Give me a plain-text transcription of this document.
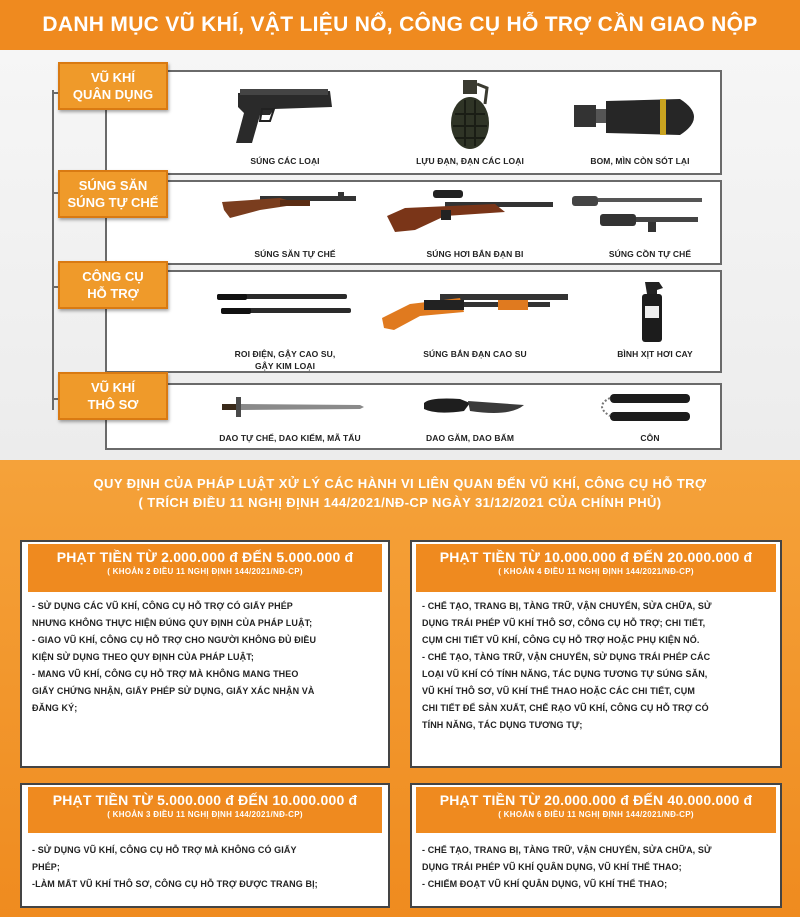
DANH MỤC VŨ KHÍ, VẬT LIỆU NỔ, CÔNG CỤ HỖ TRỢ CẦN GIAO NỘP
VŨ KHÍ
QUÂN DỤNG
SÚNG SĂN
SÚNG TỰ CHẾ
CÔNG CỤ
HỖ TRỢ
VŨ KHÍ
THÔ SƠ
SÚNG CÁC LOẠI	LỰU ĐẠN, ĐẠN CÁC LOẠI	BOM, MÌN CÒN SÓT LẠI
SÚNG SĂN TỰ CHẾ	SÚNG HƠI BẮN ĐẠN BI	SÚNG CỒN TỰ CHẾ
ROI ĐIỆN, GẬY CAO SU,
GẬY KIM LOẠI
SÚNG BẮN ĐẠN CAO SU	BÌNH XỊT HƠI CAY
DAO TỰ CHẾ, DAO KIẾM, MÃ TẤU	DAO GĂM, DAO BẤM	CÔN
QUY ĐỊNH CỦA PHÁP LUẬT XỬ LÝ CÁC HÀNH VI LIÊN QUAN ĐẾN VŨ KHÍ, CÔNG CỤ HỖ TRỢ
( TRÍCH ĐIỀU 11 NGHỊ ĐỊNH 144/2021/NĐ-CP NGÀY 31/12/2021 CỦA CHÍNH PHỦ)
PHẠT TIỀN TỪ 2.000.000 đ ĐẾN 5.000.000 đ
( KHOẢN 2 ĐIỀU 11 NGHỊ ĐỊNH 144/2021/NĐ-CP)

- SỬ DỤNG CÁC VŨ KHÍ, CÔNG CỤ HỖ TRỢ CÓ GIẤY PHÉP

NHƯNG KHÔNG THỰC HIỆN ĐÚNG QUY ĐỊNH CỦA PHÁP LUẬT;

- GIAO VŨ KHÍ, CÔNG CỤ HỖ TRỢ CHO NGƯỜI KHÔNG ĐỦ ĐIỀU

KIỆN SỬ DỤNG THEO QUY ĐỊNH CỦA PHÁP LUẬT;

- MANG VŨ KHÍ, CÔNG CỤ HỖ TRỢ MÀ KHÔNG MANG THEO

GIẤY CHỨNG NHẬN, GIẤY PHÉP SỬ DỤNG, GIẤY XÁC NHẬN VÀ

ĐĂNG KÝ;

PHẠT TIỀN TỪ 10.000.000 đ ĐẾN 20.000.000 đ
( KHOẢN 4 ĐIỀU 11 NGHỊ ĐỊNH 144/2021/NĐ-CP)

- CHẾ TẠO, TRANG BỊ, TÀNG TRỮ, VẬN CHUYỂN, SỬA CHỮA, SỬ

DỤNG TRÁI PHÉP VŨ KHÍ THÔ SƠ, CÔNG CỤ HỖ TRỢ; CHI TIẾT,

CỤM CHI TIẾT VŨ KHÍ, CÔNG CỤ HỖ TRỢ HOẶC PHỤ KIỆN NỔ.

- CHẾ TẠO, TÀNG TRỮ, VẬN CHUYỂN, SỬ DỤNG TRÁI PHÉP CÁC

LOẠI VŨ KHÍ CÓ TÍNH NĂNG, TÁC DỤNG TƯƠNG TỰ SÚNG SĂN,

VŨ KHÍ THÔ SƠ, VŨ KHÍ THỂ THAO HOẶC CÁC CHI TIẾT, CỤM

CHI TIẾT ĐỂ SẢN XUẤT, CHẾ RẠO VŨ KHÍ, CÔNG CỤ HỖ TRỢ CÓ

TÍNH NĂNG, TÁC DỤNG TƯƠNG TỰ;

PHẠT TIỀN TỪ 5.000.000 đ ĐẾN 10.000.000 đ
( KHOẢN 3 ĐIỀU 11 NGHỊ ĐỊNH 144/2021/NĐ-CP)

- SỬ DỤNG VŨ KHÍ, CÔNG CỤ HỖ TRỢ MÀ KHÔNG CÓ GIẤY

PHÉP;

-LÀM MẤT VŨ KHÍ THÔ SƠ, CÔNG CỤ HỖ TRỢ ĐƯỢC TRANG BỊ;

PHẠT TIỀN TỪ 20.000.000 đ ĐẾN 40.000.000 đ
( KHOẢN 6 ĐIỀU 11 NGHỊ ĐỊNH 144/2021/NĐ-CP)

- CHẾ TẠO, TRANG BỊ, TÀNG TRỮ, VẬN CHUYỂN, SỬA CHỮA, SỬ

DỤNG TRÁI PHÉP VŨ KHÍ QUÂN DỤNG, VŨ KHÍ THỂ THAO;

- CHIẾM ĐOẠT VŨ KHÍ QUÂN DỤNG, VŨ KHÍ THỂ THAO;
